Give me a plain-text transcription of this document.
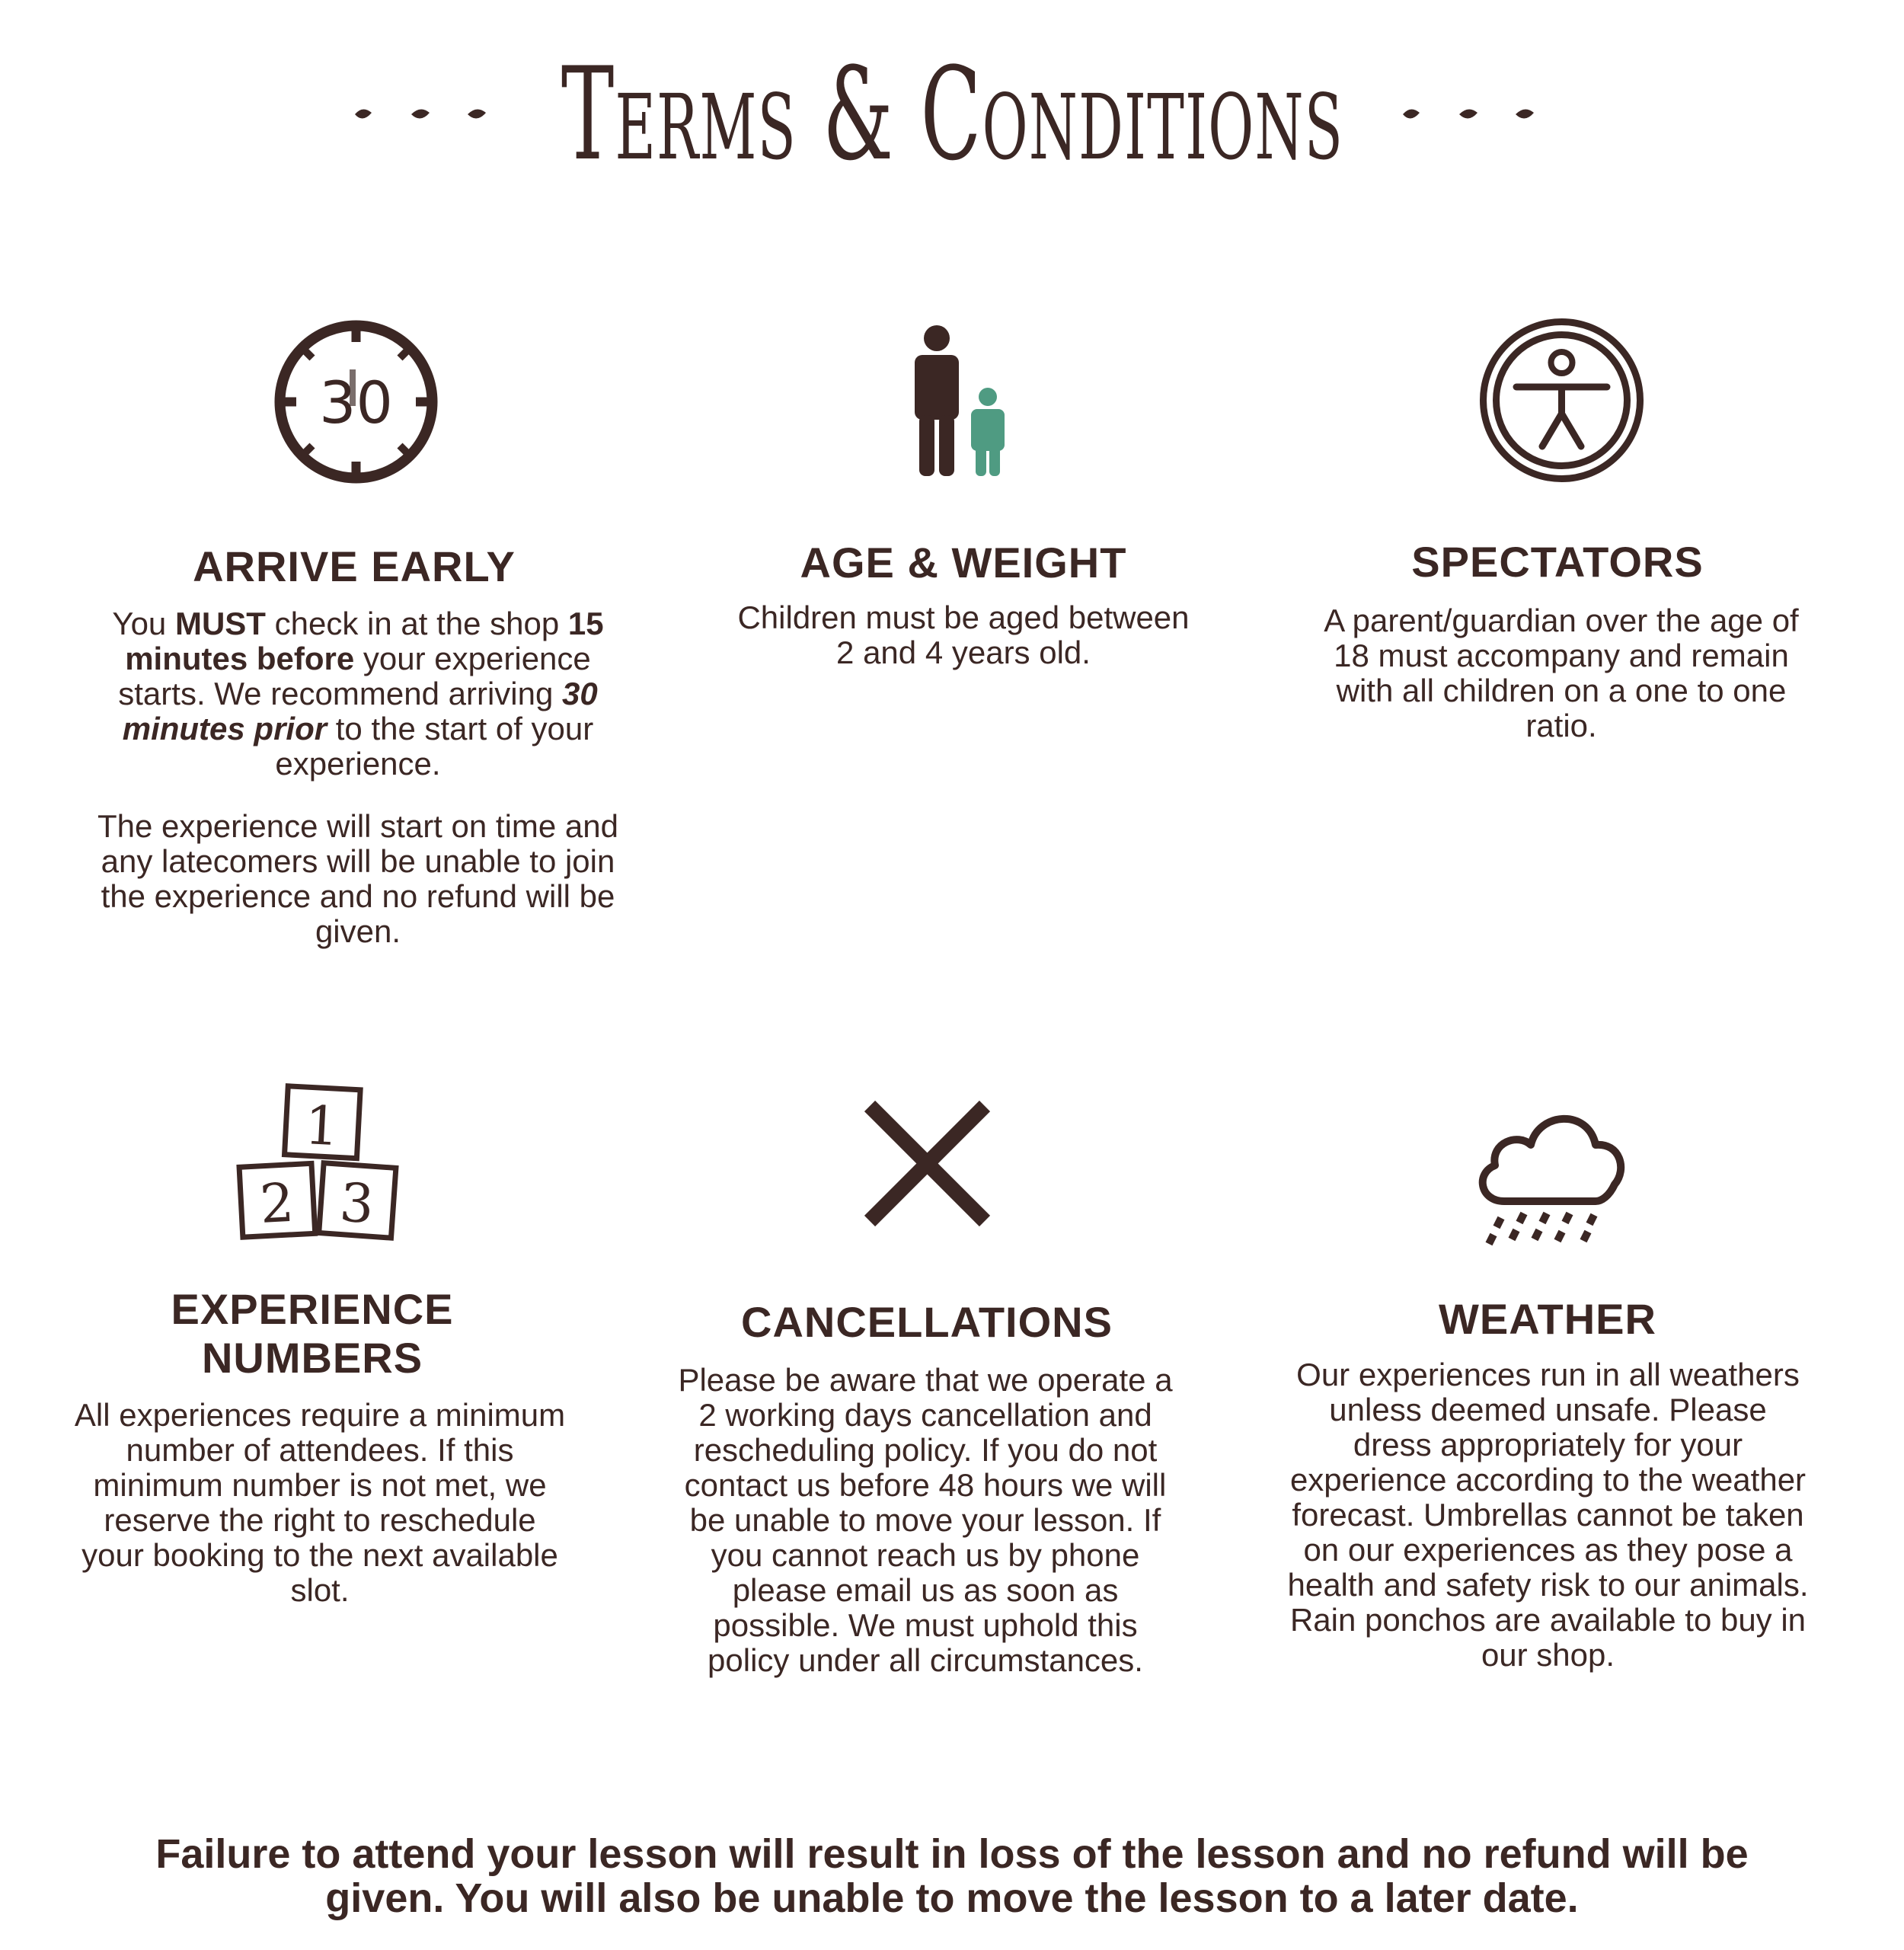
Terms & Conditions
30
ARRIVE EARLY

You MUST check in at the shop 15 minutes before your experience starts. We recommend arriving 30 minutes prior to the start of your experience.

The experience will start on time and any latecomers will be unable to join the experience and no refund will be given.

AGE & WEIGHT
Children must be aged between 2 and 4 years old.
SPECTATORS
A parent/guardian over the age of 18 must accompany and remain with all children on a one to one ratio.
1
2 3
EXPERIENCE
NUMBERS
All experiences require a minimum number of attendees. If this minimum number is not met, we reserve the right to reschedule your booking to the next available slot.
CANCELLATIONS
Please be aware that we operate a 2 working days cancellation and rescheduling policy. If you do not contact us before 48 hours we will be unable to move your lesson. If you cannot reach us by phone please email us as soon as possible. We must uphold this policy under all circumstances.
WEATHER
Our experiences run in all weathers unless deemed unsafe. Please dress appropriately for your experience according to the weather forecast. Umbrellas cannot be taken on our experiences as they pose a health and safety risk to our animals. Rain ponchos are available to buy in our shop.
Failure to attend your lesson will result in loss of the lesson and no refund will be given. You will also be unable to move the lesson to a later date.
